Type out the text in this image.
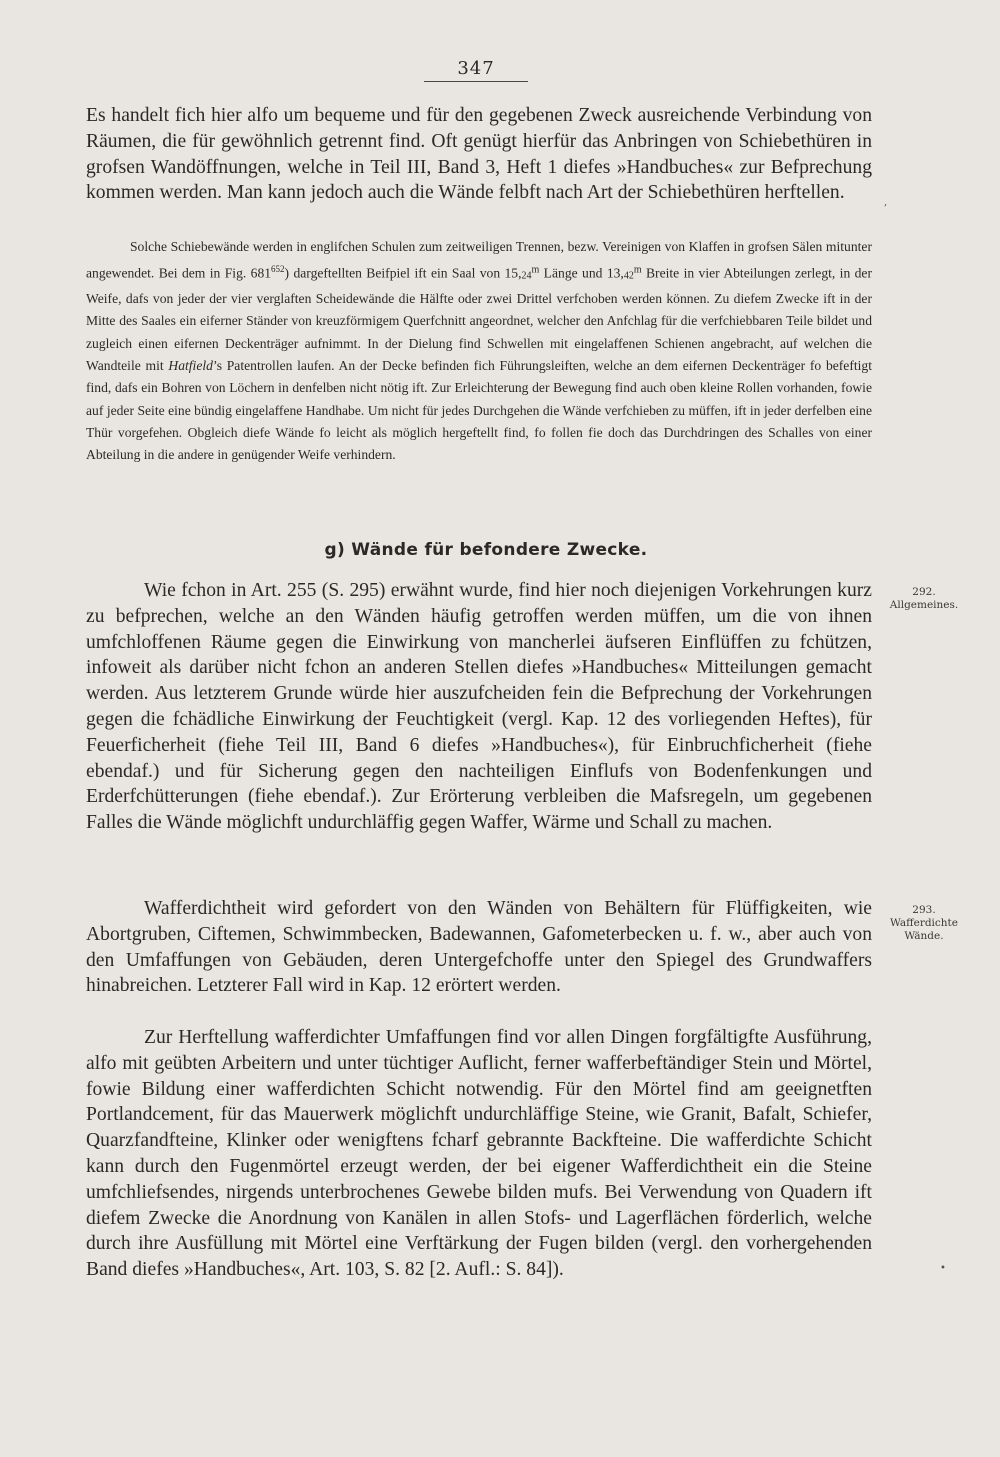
347

Es handelt fich hier alfo um bequeme und für den gegebenen Zweck ausreichende Verbindung von Räumen, die für gewöhnlich getrennt find. Oft genügt hierfür das Anbringen von Schiebethüren in grofsen Wandöffnungen, welche in Teil III, Band 3, Heft 1 diefes »Handbuches« zur Befprechung kommen werden. Man kann jedoch auch die Wände felbft nach Art der Schiebethüren herftellen.

Solche Schiebewände werden in englifchen Schulen zum zeitweiligen Trennen, bezw. Vereinigen von Klaffen in grofsen Sälen mitunter angewendet. Bei dem in Fig. $681^{652}$) dargeftellten Beifpiel ift ein Saal von $15,_{24}^m$ Länge und $13,_{42}^m$ Breite in vier Abteilungen zerlegt, in der Weife, dafs von jeder der vier verglaften Scheidewände die Hälfte oder zwei Drittel verfchoben werden können. Zu diefem Zwecke ift in der Mitte des Saales ein eiferner Ständer von kreuzförmigem Querfchnitt angeordnet, welcher den Anfchlag für die verfchiebbaren Teile bildet und zugleich einen eifernen Deckenträger aufnimmt. In der Dielung find Schwellen mit eingelaffenen Schienen angebracht, auf welchen die Wandteile mit Hatfield’s Patentrollen laufen. An der Decke befinden fich Führungsleiften, welche an dem eifernen Deckenträger fo befeftigt find, dafs ein Bohren von Löchern in denfelben nicht nötig ift. Zur Erleichterung der Bewegung find auch oben kleine Rollen vorhanden, fowie auf jeder Seite eine bündig eingelaffene Handhabe. Um nicht für jedes Durchgehen die Wände verfchieben zu müffen, ift in jeder derfelben eine Thür vorgefehen. Obgleich diefe Wände fo leicht als möglich hergeftellt find, fo follen fie doch das Durchdringen des Schalles von einer Abteilung in die andere in genügender Weife verhindern.

g) Wände für befondere Zwecke.

Wie fchon in Art. 255 (S. 295) erwähnt wurde, find hier noch diejenigen Vorkehrungen kurz zu befprechen, welche an den Wänden häufig getroffen werden müffen, um die von ihnen umfchloffenen Räume gegen die Einwirkung von mancherlei äufseren Einflüffen zu fchützen, infoweit als darüber nicht fchon an anderen Stellen diefes »Handbuches« Mitteilungen gemacht werden. Aus letzterem Grunde würde hier auszufcheiden fein die Befprechung der Vorkehrungen gegen die fchädliche Einwirkung der Feuchtigkeit (vergl. Kap. 12 des vorliegenden Heftes), für Feuerficherheit (fiehe Teil III, Band 6 diefes »Handbuches«), für Einbruchficherheit (fiehe ebendaf.) und für Sicherung gegen den nachteiligen Einflufs von Bodenfenkungen und Erderfchütterungen (fiehe ebendaf.). Zur Erörterung verbleiben die Mafsregeln, um gegebenen Falles die Wände möglichft undurchläffig gegen Waffer, Wärme und Schall zu machen.

Wafferdichtheit wird gefordert von den Wänden von Behältern für Flüffigkeiten, wie Abortgruben, Ciftemen, Schwimmbecken, Badewannen, Gafometerbecken u. f. w., aber auch von den Umfaffungen von Gebäuden, deren Untergefchoffe unter den Spiegel des Grundwaffers hinabreichen. Letzterer Fall wird in Kap. 12 erörtert werden.

Zur Herftellung wafferdichter Umfaffungen find vor allen Dingen forgfältigfte Ausführung, alfo mit geübten Arbeitern und unter tüchtiger Auflicht, ferner wafferbeftändiger Stein und Mörtel, fowie Bildung einer wafferdichten Schicht notwendig. Für den Mörtel find am geeignetften Portlandcement, für das Mauerwerk möglichft undurchläffige Steine, wie Granit, Bafalt, Schiefer, Quarzfandfteine, Klinker oder wenigftens fcharf gebrannte Backfteine. Die wafferdichte Schicht kann durch den Fugenmörtel erzeugt werden, der bei eigener Wafferdichtheit ein die Steine umfchliefsendes, nirgends unterbrochenes Gewebe bilden mufs. Bei Verwendung von Quadern ift diefem Zwecke die Anordnung von Kanälen in allen Stofs- und Lagerflächen förderlich, welche durch ihre Ausfüllung mit Mörtel eine Verftärkung der Fugen bilden (vergl. den vorhergehenden Band diefes »Handbuches«, Art. 103, S. 82 [2. Aufl.: S. 84]).

292.
Allgemeines.
293.
Wafferdichte Wände.
,
•
